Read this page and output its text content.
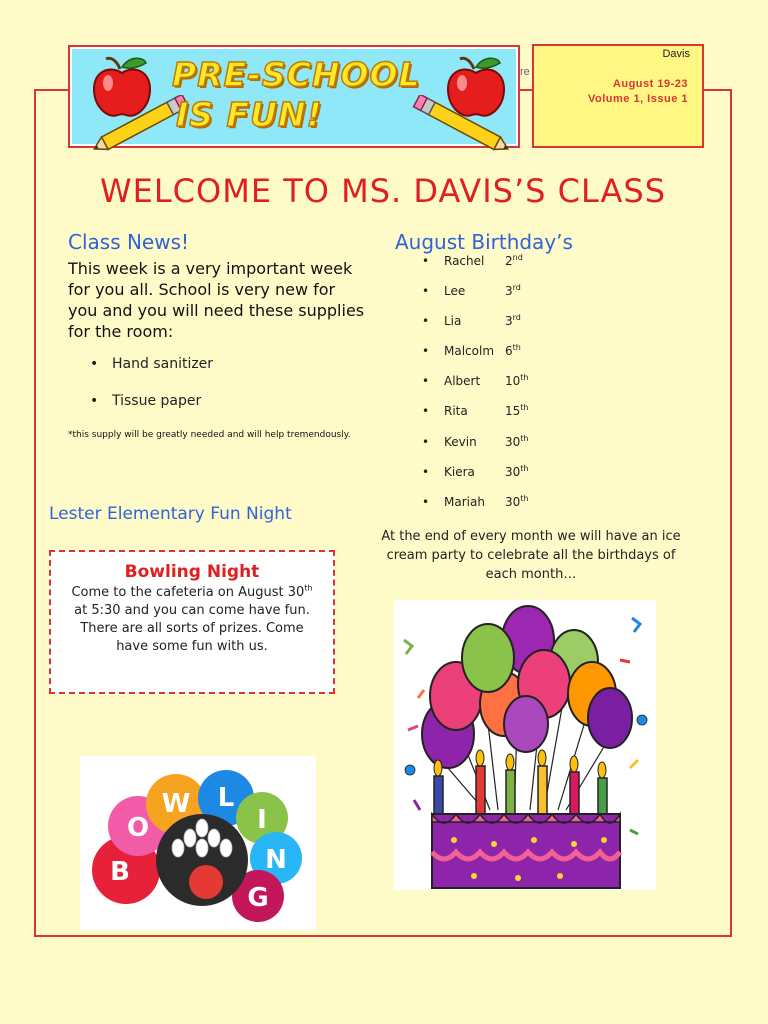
PRE-SCHOOL
IS FUN!
re
Davis
August 19-23
Volume 1, Issue 1
WELCOME TO MS. DAVIS’S CLASS
Class News!
This week is a very important week for you all. School is very new for you and you will need these supplies for the room:
• Hand sanitizer
• Tissue paper
*this supply will be greatly needed and will help tremendously.
Lester Elementary Fun Night
Bowling Night
Come to the cafeteria on August 30th at 5:30 and you can come have fun. There are all sorts of prizes. Come have some fun with us.
B
O
W L
I
N
G
August Birthday’s
• Rachel 2nd
• Lee	3rd
• Lia	3rd
• Malcolm 6th
• Albert 10th
• Rita	15th
• Kevin 30th
• Kiera	30th
• Mariah 30th
At the end of every month we will have an ice cream party to celebrate all the birthdays of each month…
